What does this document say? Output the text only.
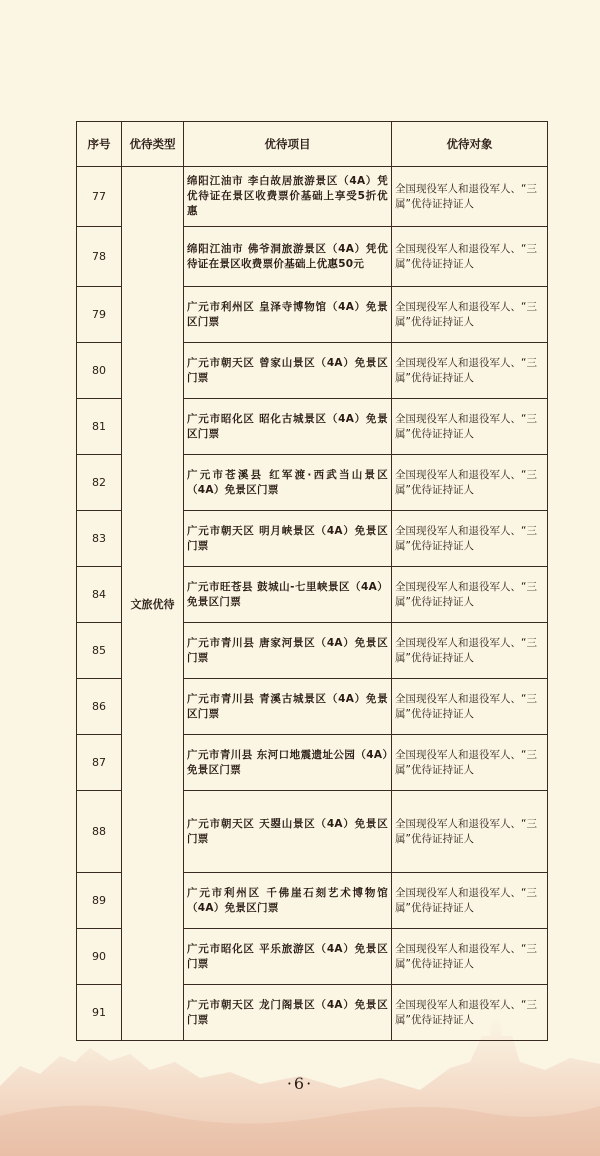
序号	优待类型	优待项目	优待对象
77	文旅优待	绵阳江油市 李白故居旅游景区（4A）凭优待证在景区收费票价基础上享受5折优惠	全国现役军人和退役军人、“三属”优待证持证人
78		绵阳江油市 佛爷洞旅游景区（4A）凭优待证在景区收费票价基础上优惠50元	全国现役军人和退役军人、“三属”优待证持证人
79		广元市利州区 皇泽寺博物馆（4A）免景区门票	全国现役军人和退役军人、“三属”优待证持证人
80		广元市朝天区 曾家山景区（4A）免景区门票	全国现役军人和退役军人、“三属”优待证持证人
81		广元市昭化区 昭化古城景区（4A）免景区门票	全国现役军人和退役军人、“三属”优待证持证人
82		广元市苍溪县 红军渡·西武当山景区（4A）免景区门票	全国现役军人和退役军人、“三属”优待证持证人
83		广元市朝天区 明月峡景区（4A）免景区门票	全国现役军人和退役军人、“三属”优待证持证人
84		广元市旺苍县 鼓城山-七里峡景区（4A）免景区门票	全国现役军人和退役军人、“三属”优待证持证人
85		广元市青川县 唐家河景区（4A）免景区门票	全国现役军人和退役军人、“三属”优待证持证人
86		广元市青川县 青溪古城景区（4A）免景区门票	全国现役军人和退役军人、“三属”优待证持证人
87		广元市青川县 东河口地震遗址公园（4A）免景区门票	全国现役军人和退役军人、“三属”优待证持证人
88		广元市朝天区 天曌山景区（4A）免景区门票	全国现役军人和退役军人、“三属”优待证持证人
89		广元市利州区 千佛崖石刻艺术博物馆（4A）免景区门票	全国现役军人和退役军人、“三属”优待证持证人
90		广元市昭化区 平乐旅游区（4A）免景区门票	全国现役军人和退役军人、“三属”优待证持证人
91		广元市朝天区 龙门阁景区（4A）免景区门票	全国现役军人和退役军人、“三属”优待证持证人
·6·
